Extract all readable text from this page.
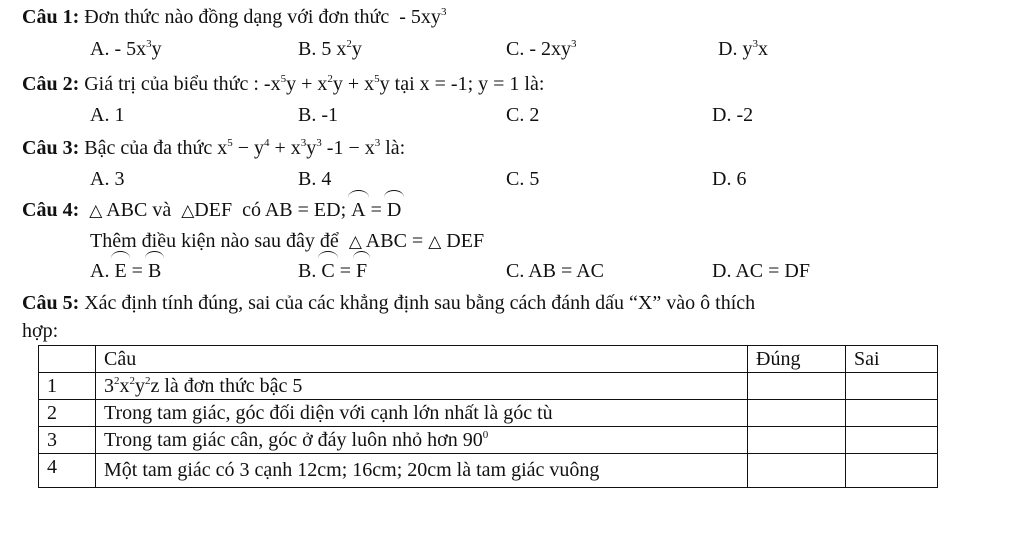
Câu 1: Đơn thức nào đồng dạng với đơn thức - $5xy^3$
A. - $5x^3y$	B. 5 $x^2y$	C. - $2xy^3$	D. $y^3x$
Câu 2: Giá trị của biểu thức : $-x^5y + x^2y + x^5y$ tại x = -1; y = 1 là:
A. 1	B. -1	C. 2	D. -2
Câu 3: Bậc của đa thức $x^5 - y^4 + x^3y^3$ $-1 - x^3$ là:
A. 3	B. 4	C. 5	D. 6
Câu 4: △ ABC và △DEF có AB = ED; A = D
Thêm điều kiện nào sau đây để △ ABC = △ DEF
A. E = B	B. C = F	C. AB = AC	D. AC = DF
Câu 5: Xác định tính đúng, sai của các khẳng định sau bằng cách đánh dấu “X” vào ô thích
hợp:
	Câu	Đúng	Sai
1	$3^2x^2y^2z$ là đơn thức bậc 5		
2	Trong tam giác, góc đối diện với cạnh lớn nhất là góc tù		
3	Trong tam giác cân, góc ở đáy luôn nhỏ hơn $90^0$		
4	Một tam giác có 3 cạnh 12cm; 16cm; 20cm là tam giác vuông		
